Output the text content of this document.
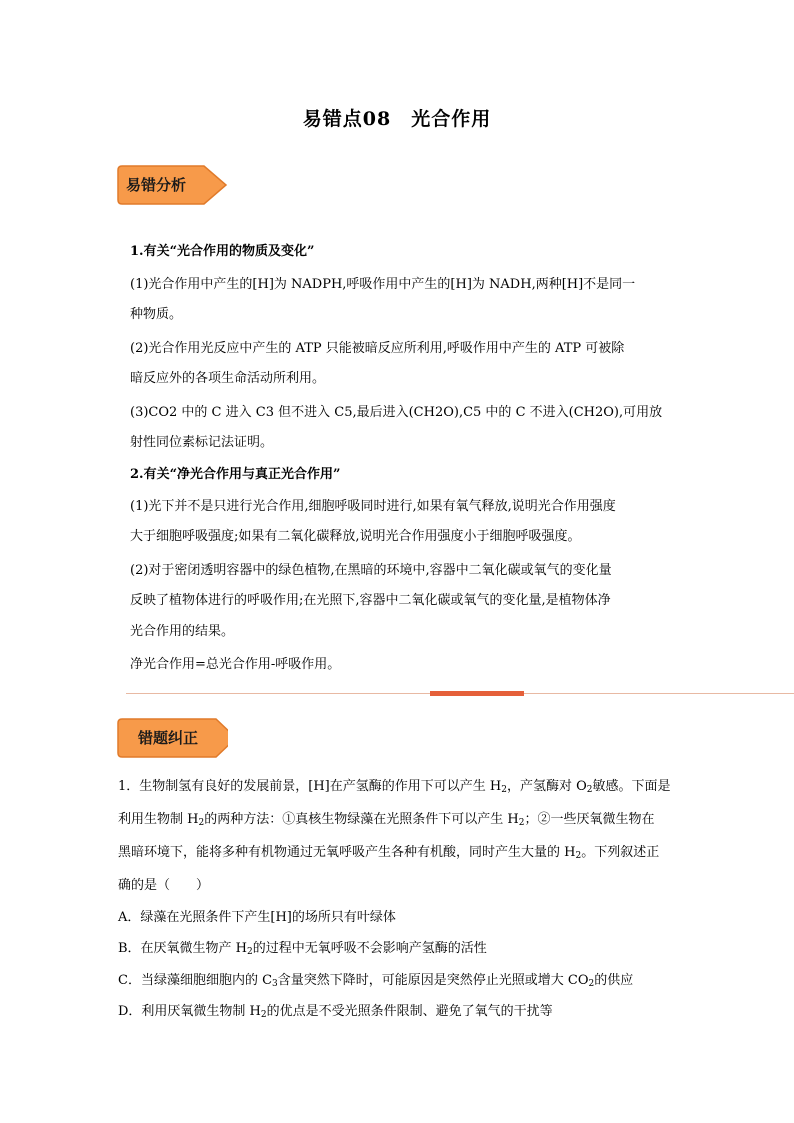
易错点08　光合作用
易错分析
1.有关“光合作用的物质及变化”
(1)光合作用中产生的[H]为 NADPH,呼吸作用中产生的[H]为 NADH,两种[H]不是同一
种物质。
(2)光合作用光反应中产生的 ATP 只能被暗反应所利用,呼吸作用中产生的 ATP 可被除
暗反应外的各项生命活动所利用。
(3)CO2 中的 C 进入 C3 但不进入 C5,最后进入(CH2O),C5 中的 C 不进入(CH2O),可用放
射性同位素标记法证明。
2.有关“净光合作用与真正光合作用”
(1)光下并不是只进行光合作用,细胞呼吸同时进行,如果有氧气释放,说明光合作用强度
大于细胞呼吸强度;如果有二氧化碳释放,说明光合作用强度小于细胞呼吸强度。
(2)对于密闭透明容器中的绿色植物,在黑暗的环境中,容器中二氧化碳或氧气的变化量
反映了植物体进行的呼吸作用;在光照下,容器中二氧化碳或氧气的变化量,是植物体净
光合作用的结果。
净光合作用=总光合作用-呼吸作用。
错题纠正
1．生物制氢有良好的发展前景，[H]在产氢酶的作用下可以产生 $H_2$，产氢酶对 $O_2$敏感。下面是
利用生物制 $H_2$的两种方法：①真核生物绿藻在光照条件下可以产生 $H_2$；②一些厌氧微生物在
黑暗环境下，能将多种有机物通过无氧呼吸产生各种有机酸，同时产生大量的 $H_2$。下列叙述正
确的是（　　）
A．绿藻在光照条件下产生[H]的场所只有叶绿体
B．在厌氧微生物产 $H_2$的过程中无氧呼吸不会影响产氢酶的活性
C．当绿藻细胞细胞内的 $C_3$含量突然下降时，可能原因是突然停止光照或增大 $CO_2$的供应
D．利用厌氧微生物制 $H_2$的优点是不受光照条件限制、避免了氧气的干扰等
